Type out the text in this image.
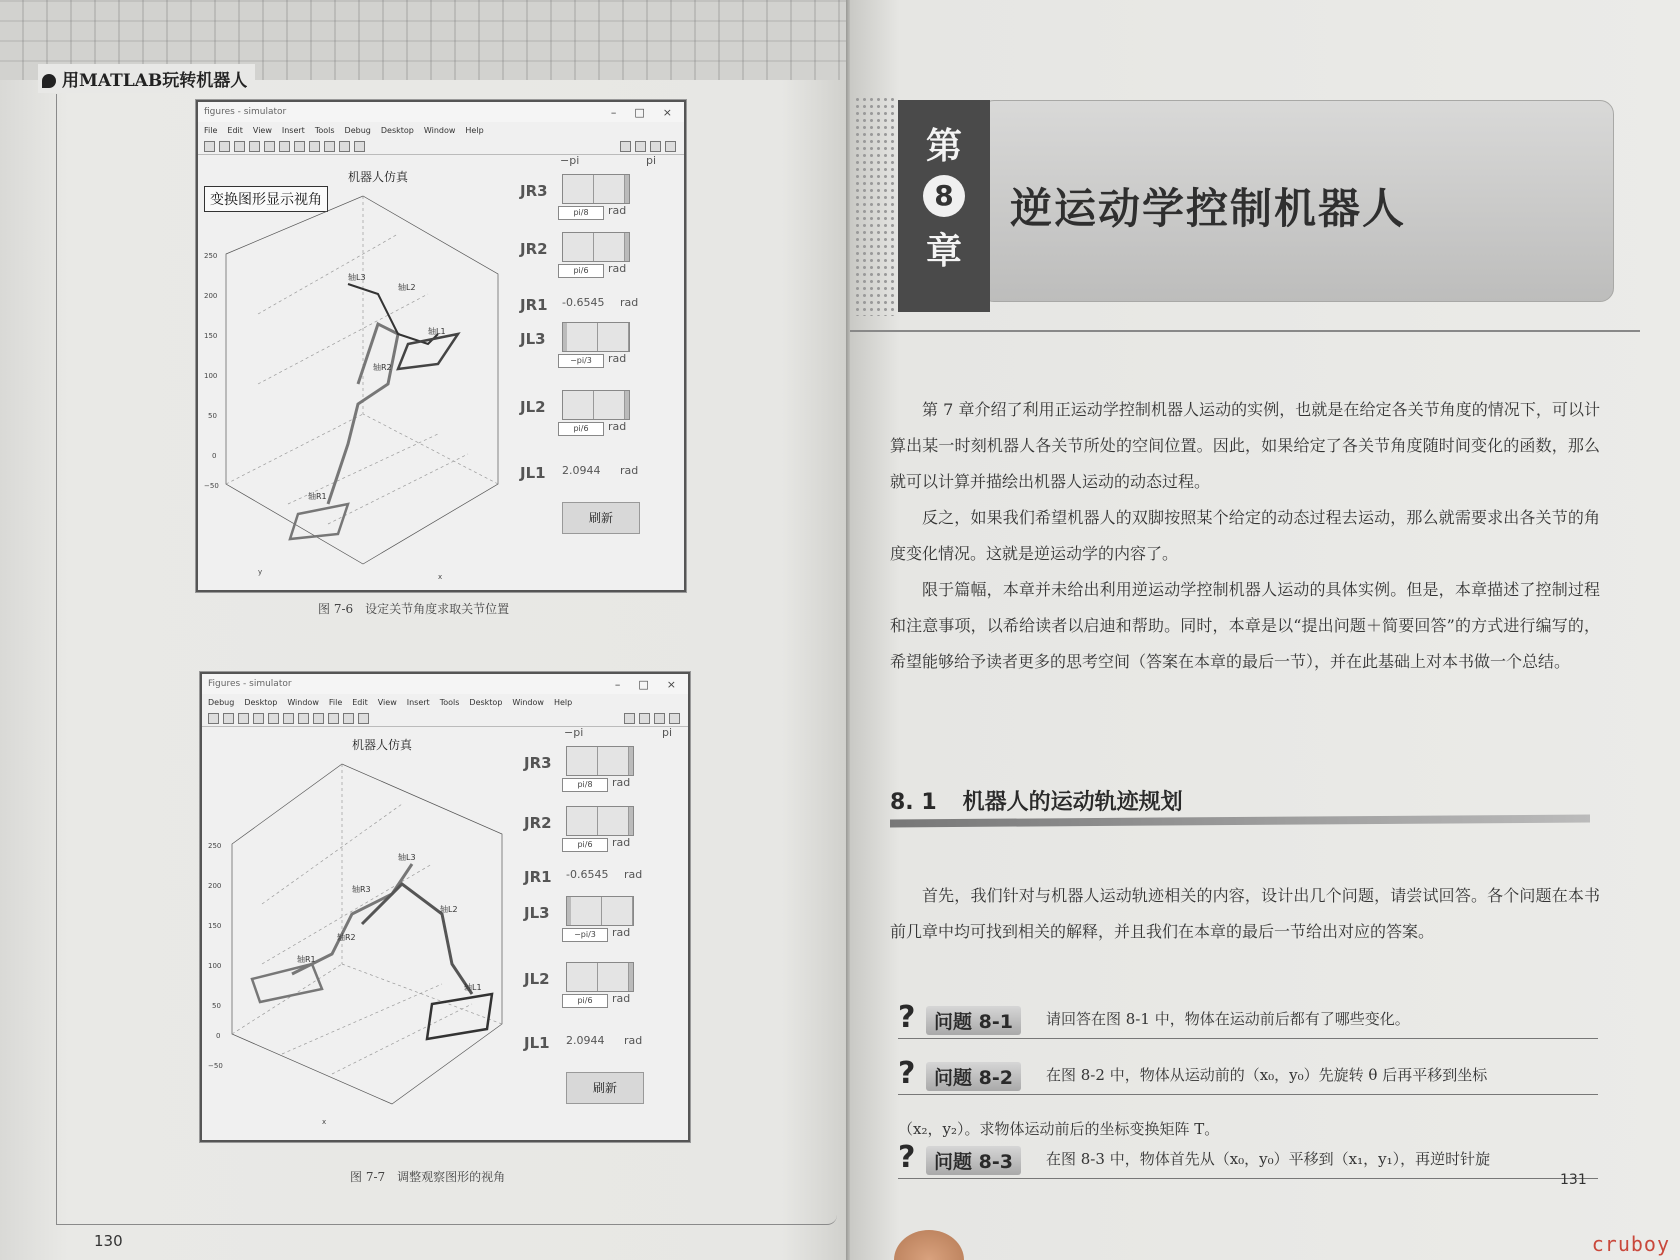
用MATLAB玩转机器人
figures - simulator	– □ ×
File Edit View Insert Tools Debug Desktop Window Help
变换图形显示视角
机器人仿真
250
200
150
100
50
0
−50
y
x
轴L3
轴L2
轴L1
轴R2
轴R1
−pi	pi
JR3
pi/8	rad
JR2
pi/6	rad
JR1 -0.6545 rad
JL3
−pi/3	rad
JL2
pi/6	rad
JL1 2.0944 rad
刷新
图 7-6　设定关节角度求取关节位置
Figures - simulator	– □ ×
Debug Desktop Window File Edit View Insert Tools Desktop Window Help
机器人仿真
250
200
150
100
50
0
−50
x
轴L3
轴R3
轴L2
轴R2
轴R1
轴L1
−pi	pi
JR3
pi/8	rad
JR2
pi/6	rad
JR1 -0.6545 rad
JL3
−pi/3	rad
JL2
pi/6	rad
JL1 2.0944 rad
刷新
图 7-7　调整观察图形的视角
130
第
8
章
逆运动学控制机器人

第 7 章介绍了利用正运动学控制机器人运动的实例，也就是在给定各关节角度的情况下，可以计算出某一时刻机器人各关节所处的空间位置。因此，如果给定了各关节角度随时间变化的函数，那么就可以计算并描绘出机器人运动的动态过程。

反之，如果我们希望机器人的双脚按照某个给定的动态过程去运动，那么就需要求出各关节的角度变化情况。这就是逆运动学的内容了。

限于篇幅，本章并未给出利用逆运动学控制机器人运动的具体实例。但是，本章描述了控制过程和注意事项，以希给读者以启迪和帮助。同时，本章是以“提出问题＋简要回答”的方式进行编写的，希望能够给予读者更多的思考空间（答案在本章的最后一节），并在此基础上对本书做一个总结。

8. 1 机器人的运动轨迹规划

首先，我们针对与机器人运动轨迹相关的内容，设计出几个问题，请尝试回答。各个问题在本书前几章中均可找到相关的解释，并且我们在本章的最后一节给出对应的答案。

? 问题 8-1	请回答在图 8-1 中，物体在运动前后都有了哪些变化。
? 问题 8-2	在图 8-2 中，物体从运动前的（x₀，y₀）先旋转 θ 后再平移到坐标
（x₂，y₂）。求物体运动前后的坐标变换矩阵 T。
? 问题 8-3	在图 8-3 中，物体首先从（x₀，y₀）平移到（x₁，y₁），再逆时针旋
131
cruboy
